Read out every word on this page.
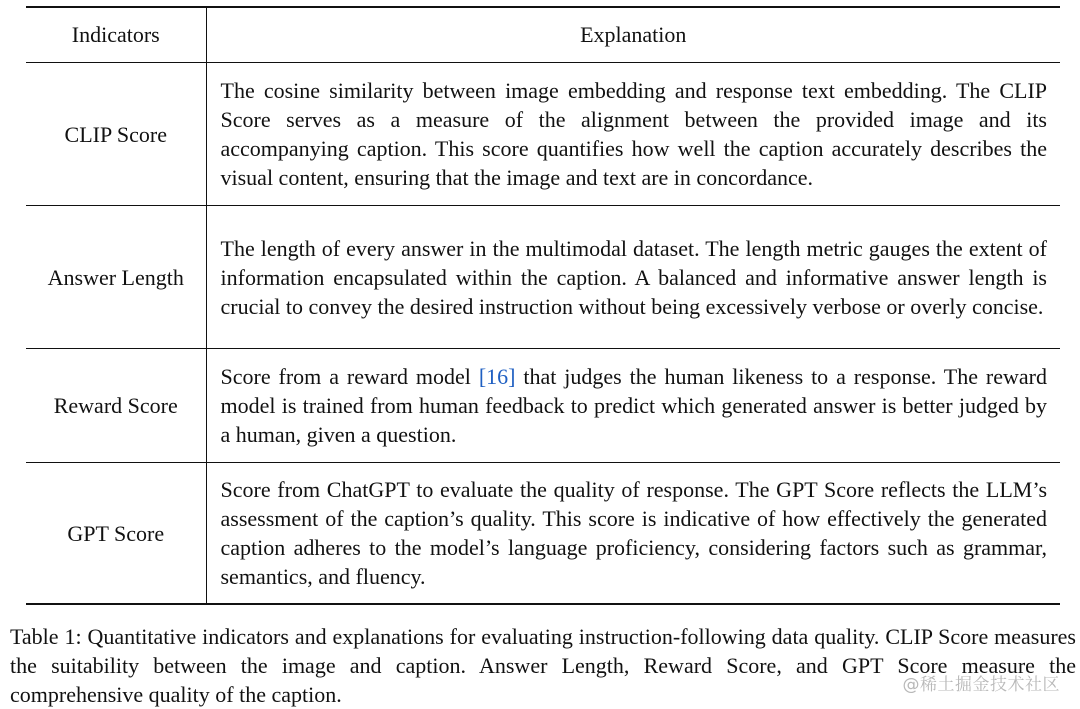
Indicators	Explanation
CLIP Score	The cosine similarity between image embedding and response text embedding. The CLIP Score serves as a measure of the alignment between the provided image and its accompanying caption. This score quantifies how well the caption accurately describes the visual content, ensuring that the image and text are in concordance.
Answer Length	The length of every answer in the multimodal dataset. The length metric gauges the extent of information encapsulated within the caption. A balanced and informative answer length is crucial to convey the desired instruction without being excessively verbose or overly concise.
Reward Score	Score from a reward model [16] that judges the human likeness to a response. The reward model is trained from human feedback to predict which generated answer is better judged by a human, given a question.
GPT Score	Score from ChatGPT to evaluate the quality of response. The GPT Score reflects the LLM’s assessment of the caption’s quality. This score is indicative of how effectively the generated caption adheres to the model’s language proficiency, considering factors such as grammar, semantics, and fluency.

Table 1: Quantitative indicators and explanations for evaluating instruction-following data quality. CLIP Score measures the suitability between the image and caption. Answer Length, Reward Score, and GPT Score measure the comprehensive quality of the caption.	@稀土掘金技术社区
